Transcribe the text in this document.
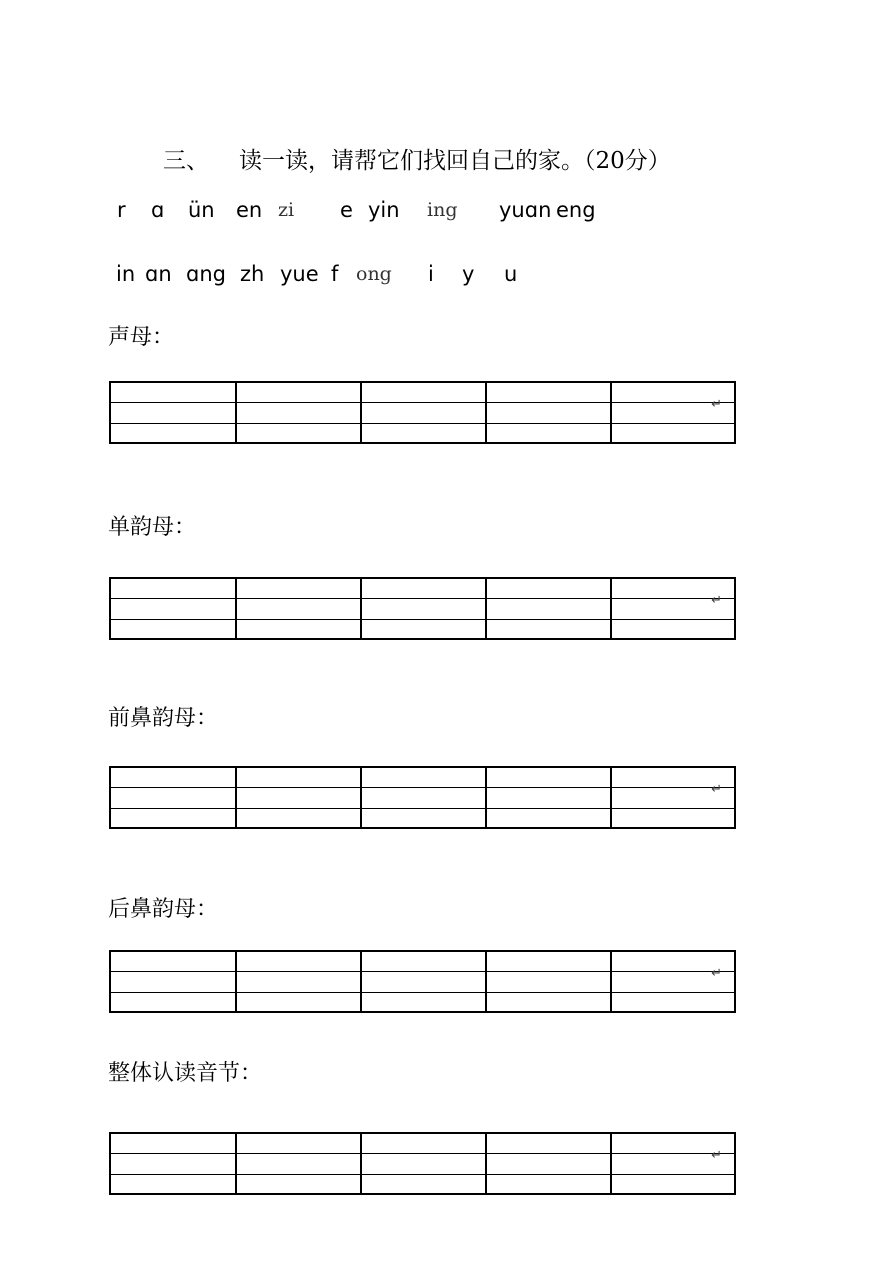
三、 读一读，请帮它们找回自己的家。（20分）
r ɑ ün en zi e yin ing yuɑn eng
in ɑn ɑng zh yue f ong i y u
声母：
↵
单韵母：
↵
前鼻韵母：
↵
后鼻韵母：
↵
整体认读音节：
↵
